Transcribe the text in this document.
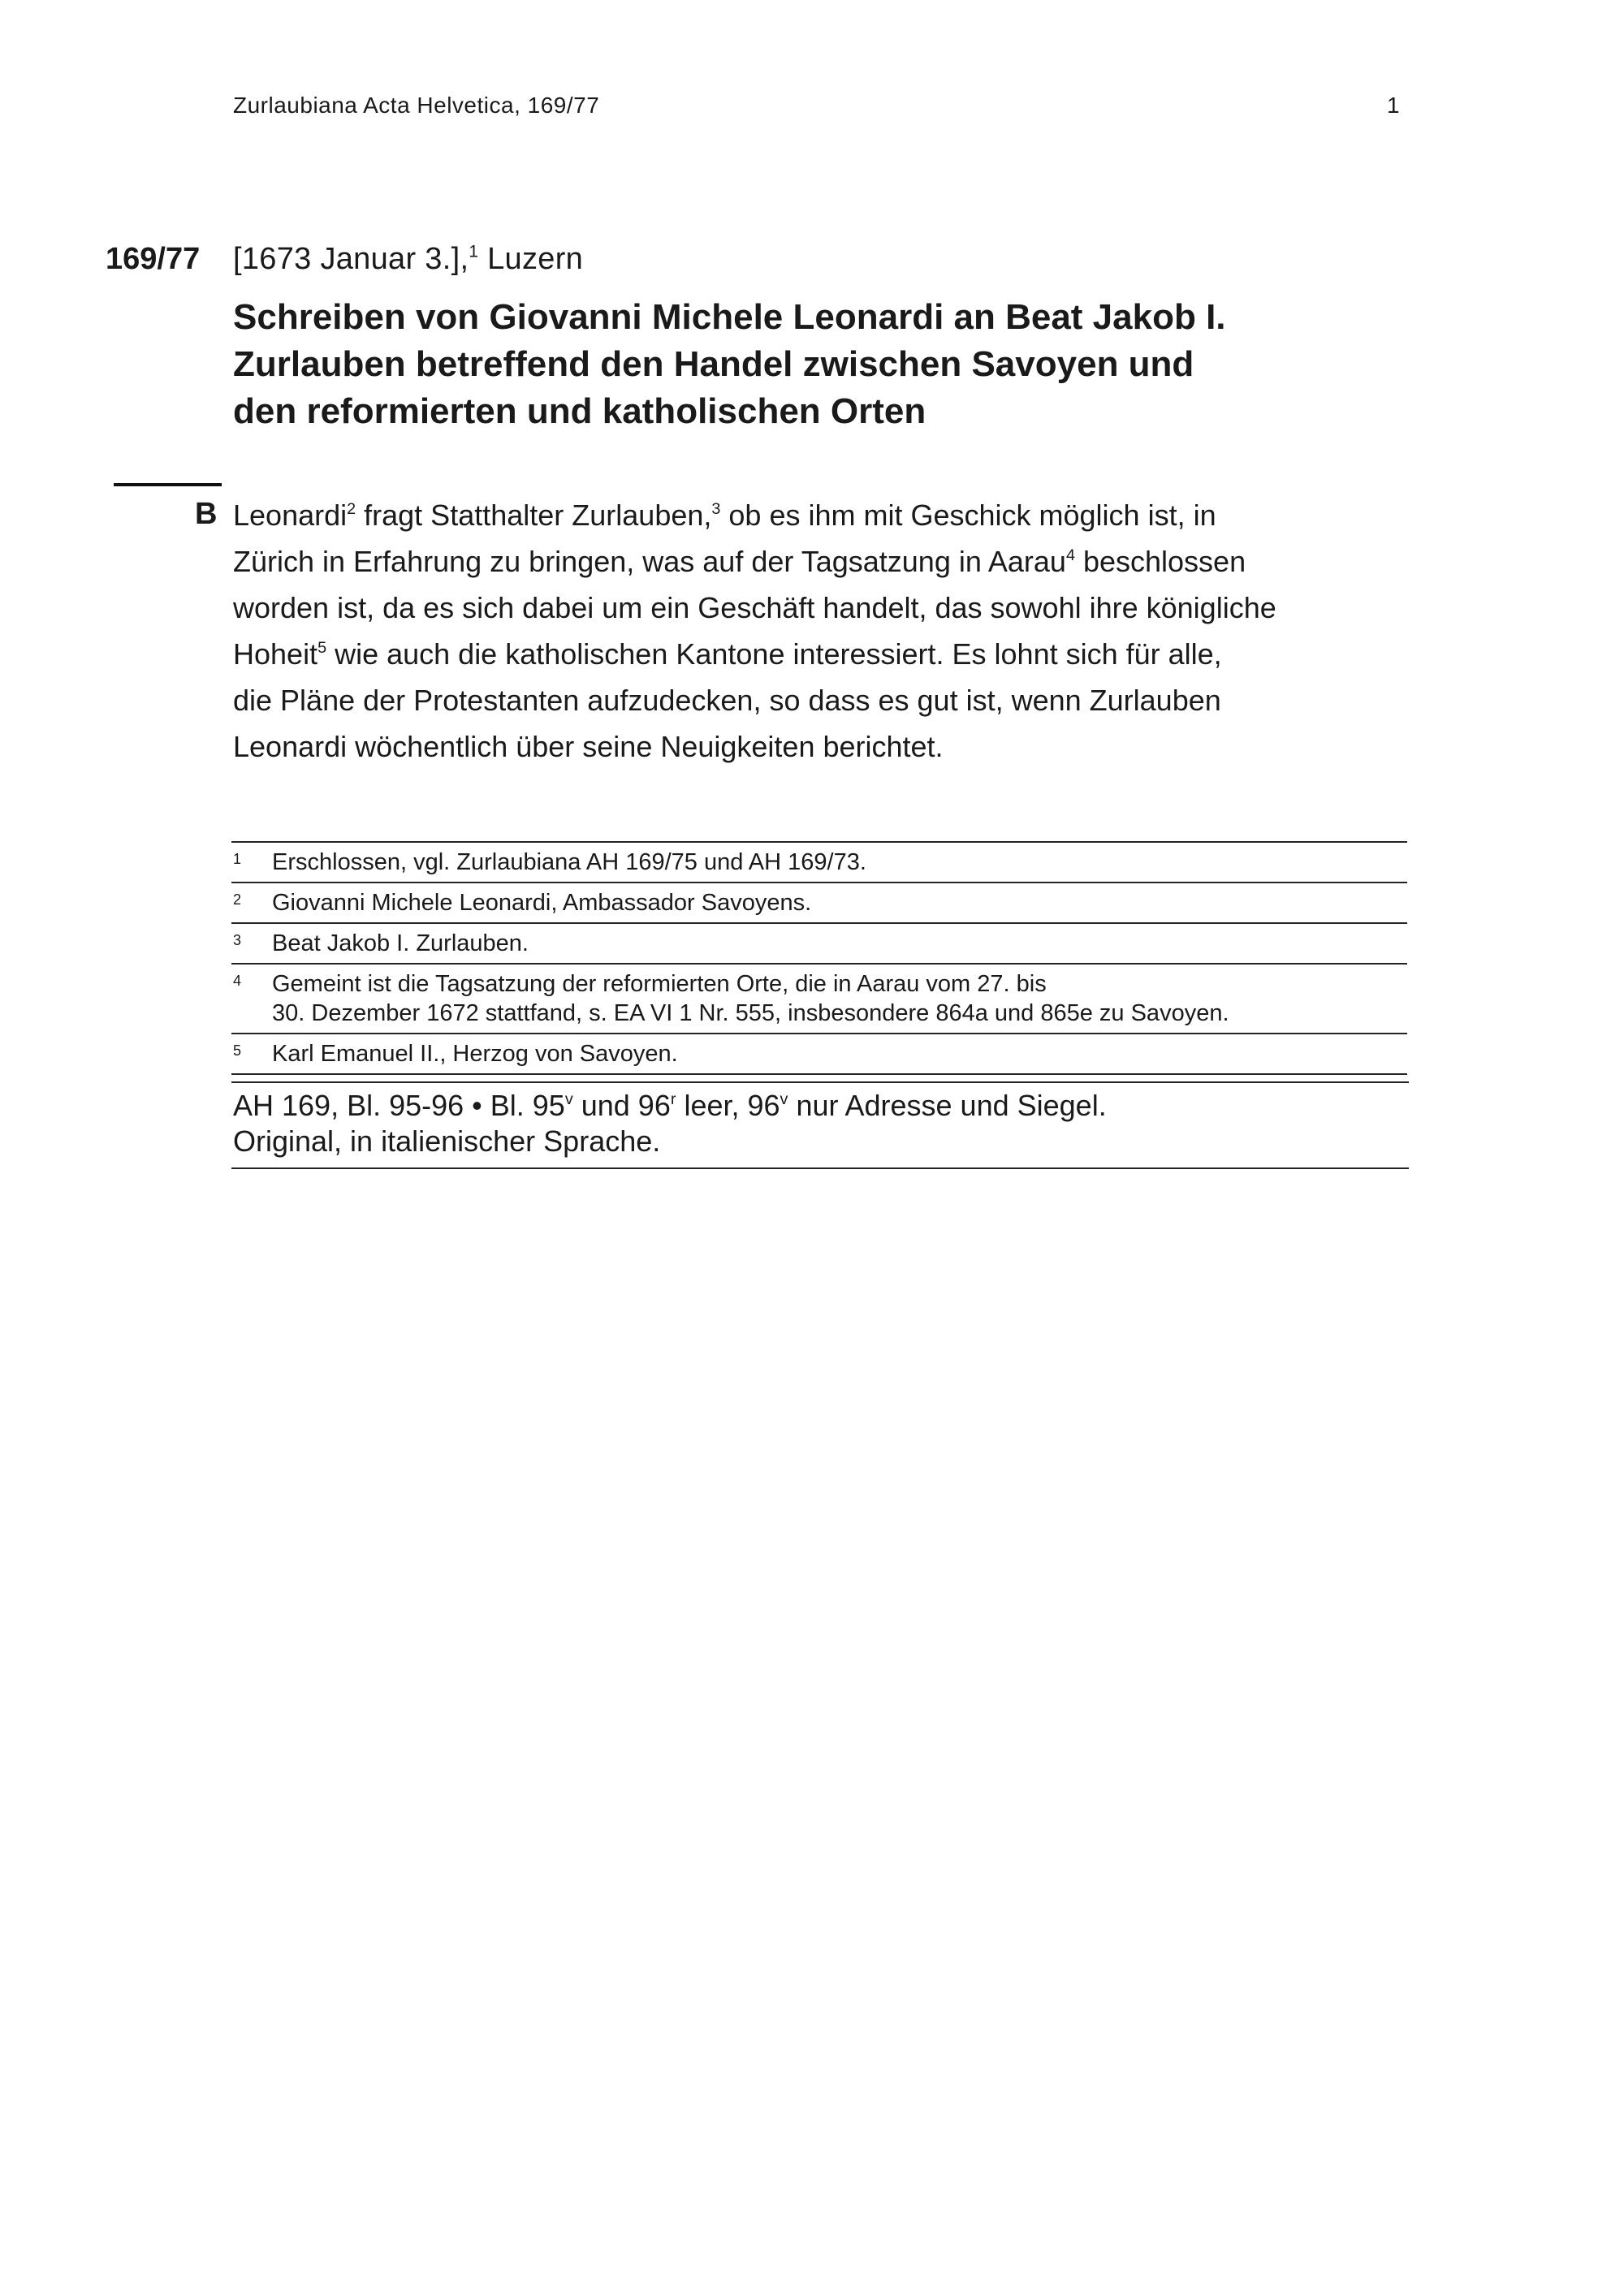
Zurlaubiana Acta Helvetica, 169/77	1
169/77 [1673 Januar 3.],$^1$ Luzern
Schreiben von Giovanni Michele Leonardi an Beat Jakob I.
Zurlauben betreffend den Handel zwischen Savoyen und
den reformierten und katholischen Orten
B Leonardi$^2$ fragt Statthalter Zurlauben,$^3$ ob es ihm mit Geschick möglich ist, in
Zürich in Erfahrung zu bringen, was auf der Tagsatzung in Aarau$^4$ beschlossen
worden ist, da es sich dabei um ein Geschäft handelt, das sowohl ihre königliche
Hoheit$^5$ wie auch die katholischen Kantone interessiert. Es lohnt sich für alle,
die Pläne der Protestanten aufzudecken, so dass es gut ist, wenn Zurlauben
Leonardi wöchentlich über seine Neuigkeiten berichtet.

1 Erschlossen, vgl. Zurlaubiana AH 169/75 und AH 169/73.
2 Giovanni Michele Leonardi, Ambassador Savoyens.
3 Beat Jakob I. Zurlauben.
4 Gemeint ist die Tagsatzung der reformierten Orte, die in Aarau vom 27. bis
30. Dezember 1672 stattfand, s. EA VI 1 Nr. 555, insbesondere 864a und 865e zu Savoyen.
5 Karl Emanuel II., Herzog von Savoyen.
AH 169, Bl. 95-96 • Bl. 95$^v$ und 96$^r$ leer, 96$^v$ nur Adresse und Siegel.
Original, in italienischer Sprache.
